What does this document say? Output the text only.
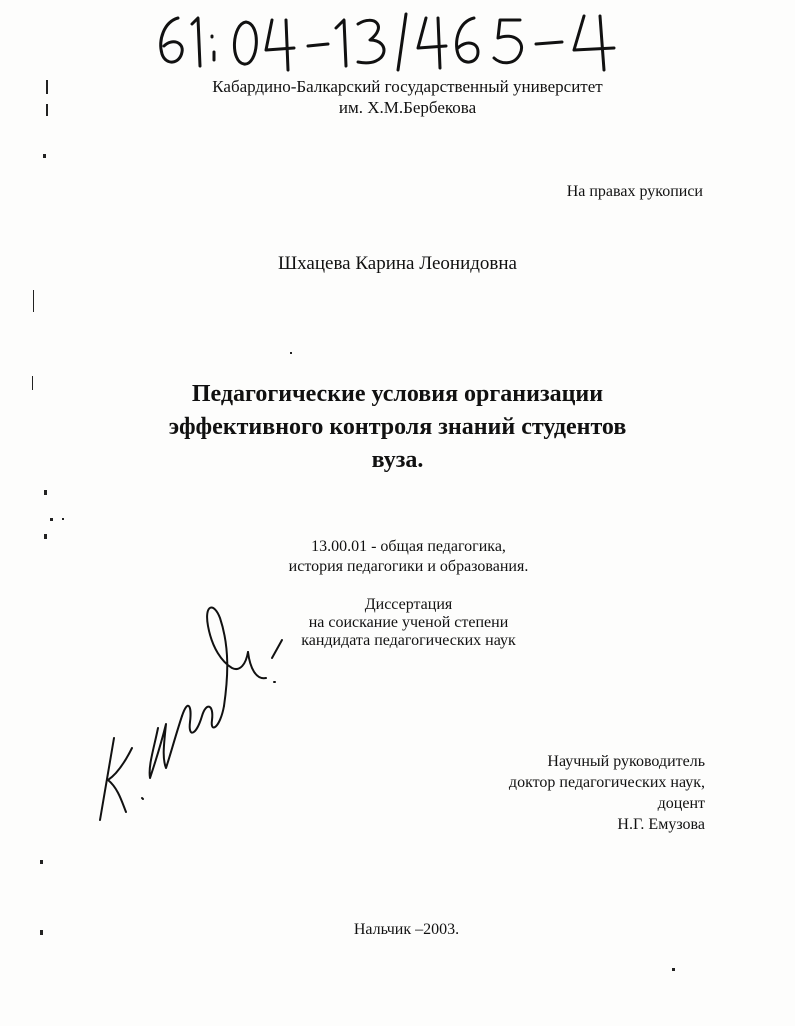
Кабардино-Балкарский государственный университет
им. Х.М.Бербекова
На правах рукописи
Шхацева Карина Леонидовна
Педагогические условия организации
эффективного контроля знаний студентов
вуза.
13.00.01 - общая педагогика,
история педагогики и образования.
Диссертация
на соискание ученой степени
кандидата педагогических наук
Научный руководитель
доктор педагогических наук,
доцент
Н.Г. Емузова
Нальчик –2003.
